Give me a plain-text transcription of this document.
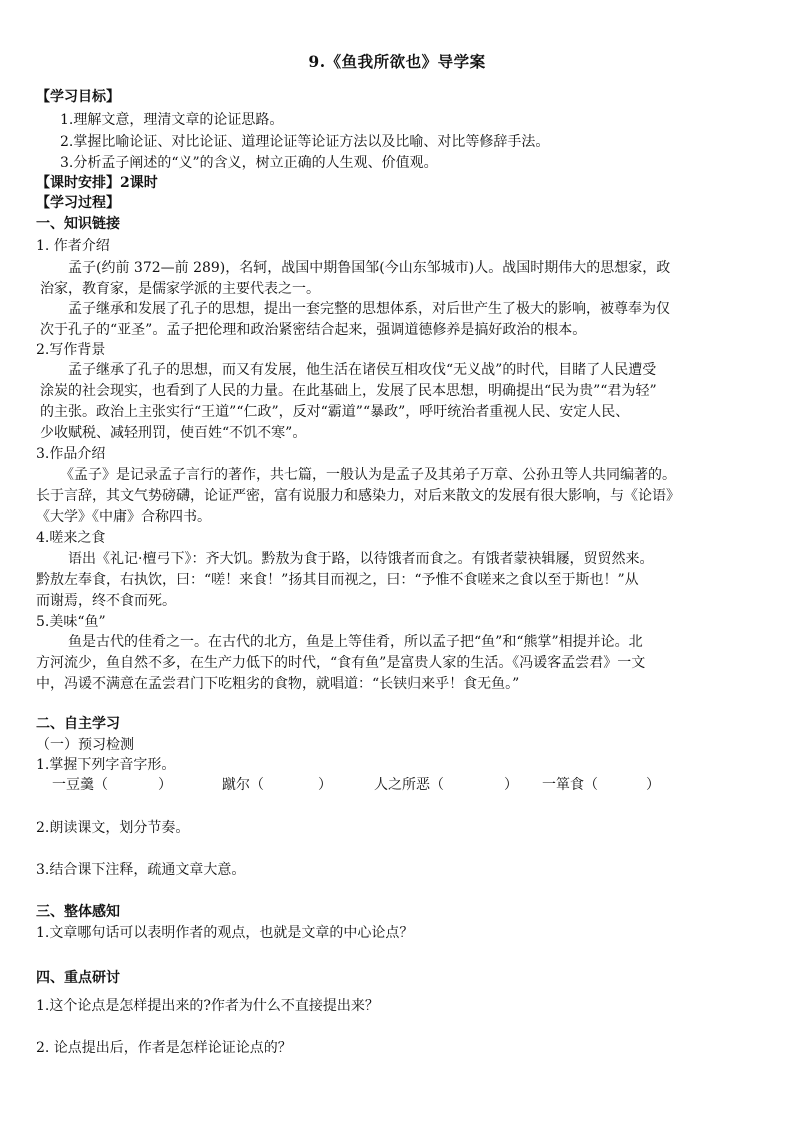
9.《鱼我所欲也》导学案
【学习目标】
1.理解文意，理清文章的论证思路。
2.掌握比喻论证、对比论证、道理论证等论证方法以及比喻、对比等修辞手法。
3.分析孟子阐述的“义”的含义，树立正确的人生观、价值观。
【课时安排】2课时
【学习过程】
一、知识链接
1. 作者介绍
孟子(约前 372—前 289)，名轲，战国中期鲁国邹(今山东邹城市)人。战国时期伟大的思想家，政
治家，教育家，是儒家学派的主要代表之一。
孟子继承和发展了孔子的思想，提出一套完整的思想体系，对后世产生了极大的影响，被尊奉为仅
次于孔子的“亚圣”。孟子把伦理和政治紧密结合起来，强调道德修养是搞好政治的根本。
2.写作背景
孟子继承了孔子的思想，而又有发展，他生活在诸侯互相攻伐“无义战”的时代，目睹了人民遭受
涂炭的社会现实，也看到了人民的力量。在此基础上，发展了民本思想，明确提出“民为贵”“君为轻”
的主张。政治上主张实行“王道”“仁政”，反对“霸道”“暴政”，呼吁统治者重视人民、安定人民、
少收赋税、减轻刑罚，使百姓“不饥不寒”。
3.作品介绍
《孟子》是记录孟子言行的著作，共七篇，一般认为是孟子及其弟子万章、公孙丑等人共同编著的。
长于言辞，其文气势磅礴，论证严密，富有说服力和感染力，对后来散文的发展有很大影响，与《论语》
《大学》《中庸》合称四书。
4.嗟来之食
语出《礼记·檀弓下》：齐大饥。黔敖为食于路，以待饿者而食之。有饿者蒙袂辑屦，贸贸然来。
黔敖左奉食，右执饮，曰：“嗟！来食！”扬其目而视之，曰：“予惟不食嗟来之食以至于斯也！”从
而谢焉，终不食而死。
5.美味“鱼”
鱼是古代的佳肴之一。在古代的北方，鱼是上等佳肴，所以孟子把“鱼”和“熊掌”相提并论。北
方河流少，鱼自然不多，在生产力低下的时代，“食有鱼”是富贵人家的生活。《冯谖客孟尝君》一文
中，冯谖不满意在孟尝君门下吃粗劣的食物，就唱道：“长铗归来乎！食无鱼。”
二、自主学习
（一）预习检测
1.掌握下列字音字形。
一豆羹（	）	蹴尔（	）	人之所恶（	） 一箪食（	）
2.朗读课文，划分节奏。
3.结合课下注释，疏通文章大意。
三、整体感知
1.文章哪句话可以表明作者的观点，也就是文章的中心论点？
四、重点研讨
1.这个论点是怎样提出来的?作者为什么不直接提出来？
2. 论点提出后，作者是怎样论证论点的？
